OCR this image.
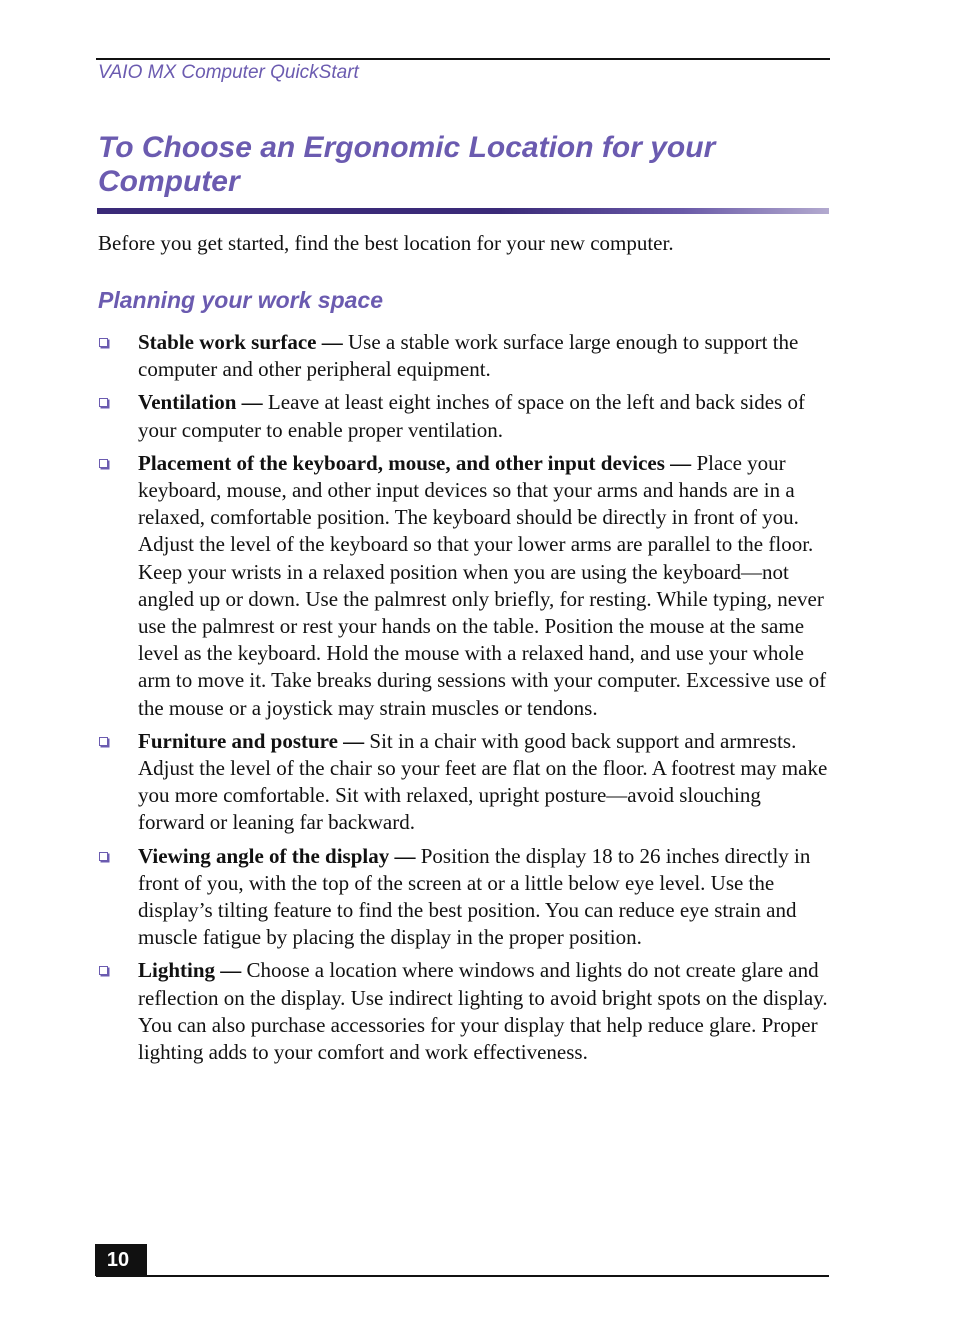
VAIO MX Computer QuickStart
To Choose an Ergonomic Location for your Computer

Before you get started, find the best location for your new computer.

Planning your work space
Stable work surface — Use a stable work surface large enough to support the computer and other peripheral equipment.
Ventilation — Leave at least eight inches of space on the left and back sides of your computer to enable proper ventilation.
Placement of the keyboard, mouse, and other input devices — Place your keyboard, mouse, and other input devices so that your arms and hands are in a relaxed, comfortable position. The keyboard should be directly in front of you. Adjust the level of the keyboard so that your lower arms are parallel to the floor. Keep your wrists in a relaxed position when you are using the keyboard—not angled up or down. Use the palmrest only briefly, for resting. While typing, never use the palmrest or rest your hands on the table. Position the mouse at the same level as the keyboard. Hold the mouse with a relaxed hand, and use your whole arm to move it. Take breaks during sessions with your computer. Excessive use of the mouse or a joystick may strain muscles or tendons.
Furniture and posture — Sit in a chair with good back support and armrests. Adjust the level of the chair so your feet are flat on the floor. A footrest may make you more comfortable. Sit with relaxed, upright posture—avoid slouching forward or leaning far backward.
Viewing angle of the display — Position the display 18 to 26 inches directly in front of you, with the top of the screen at or a little below eye level. Use the display’s tilting feature to find the best position. You can reduce eye strain and muscle fatigue by placing the display in the proper position.
Lighting — Choose a location where windows and lights do not create glare and reflection on the display. Use indirect lighting to avoid bright spots on the display. You can also purchase accessories for your display that help reduce glare. Proper lighting adds to your comfort and work effectiveness.
10
